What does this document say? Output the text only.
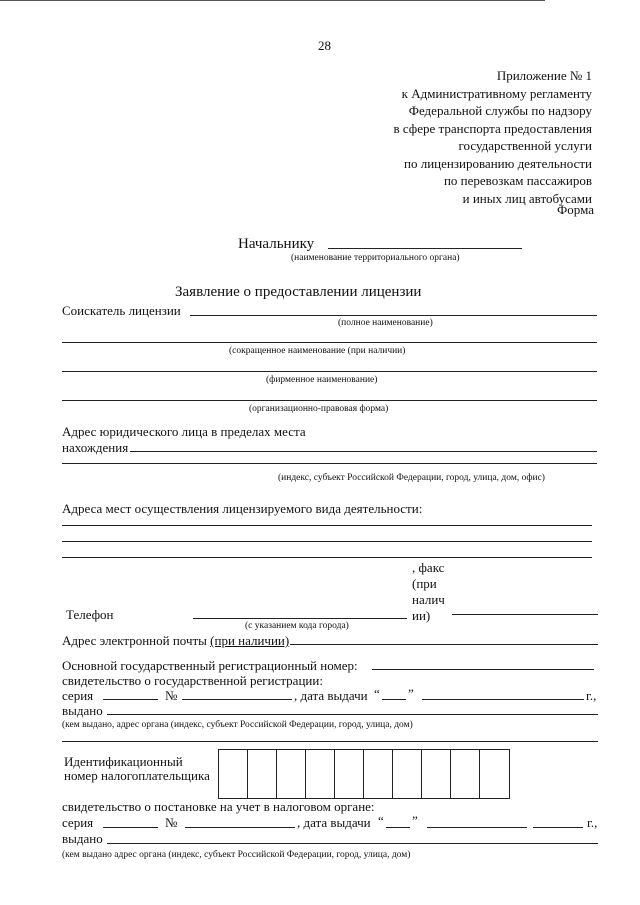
28
Приложение № 1
к Административному регламенту
Федеральной службы по надзору
в сфере транспорта предоставления
государственной услуги
по лицензированию деятельности
по перевозкам пассажиров
и иных лиц автобусами
Форма
Начальнику
(наименование территориального органа)
Заявление о предоставлении лицензии
Соискатель лицензии
(полное наименование)
(сокращенное наименование (при наличии)
(фирменное наименование)
(организационно-правовая форма)
Адрес юридического лица в пределах места
нахождения
(индекс, субъект Российской Федерации, город, улица, дом, офис)
Адреса мест осуществления лицензируемого вида деятельности:
, факс
(при
налич
ии)
Телефон
(с указанием кода города)
Адрес электронной почты (при наличии)
Основной государственный регистрационный номер:
свидетельство о государственной регистрации:
серия	№	, дата выдачи “ ”	г.,
выдано
(кем выдано, адрес органа (индекс, субъект Российской Федерации, город, улица, дом)
Идентификационный
номер налогоплательщика
свидетельство о постановке на учет в налоговом органе:
серия	№	, дата выдачи “ ”	г.,
выдано
(кем выдано адрес органа (индекс, субъект Российской Федерации, город, улица, дом)
